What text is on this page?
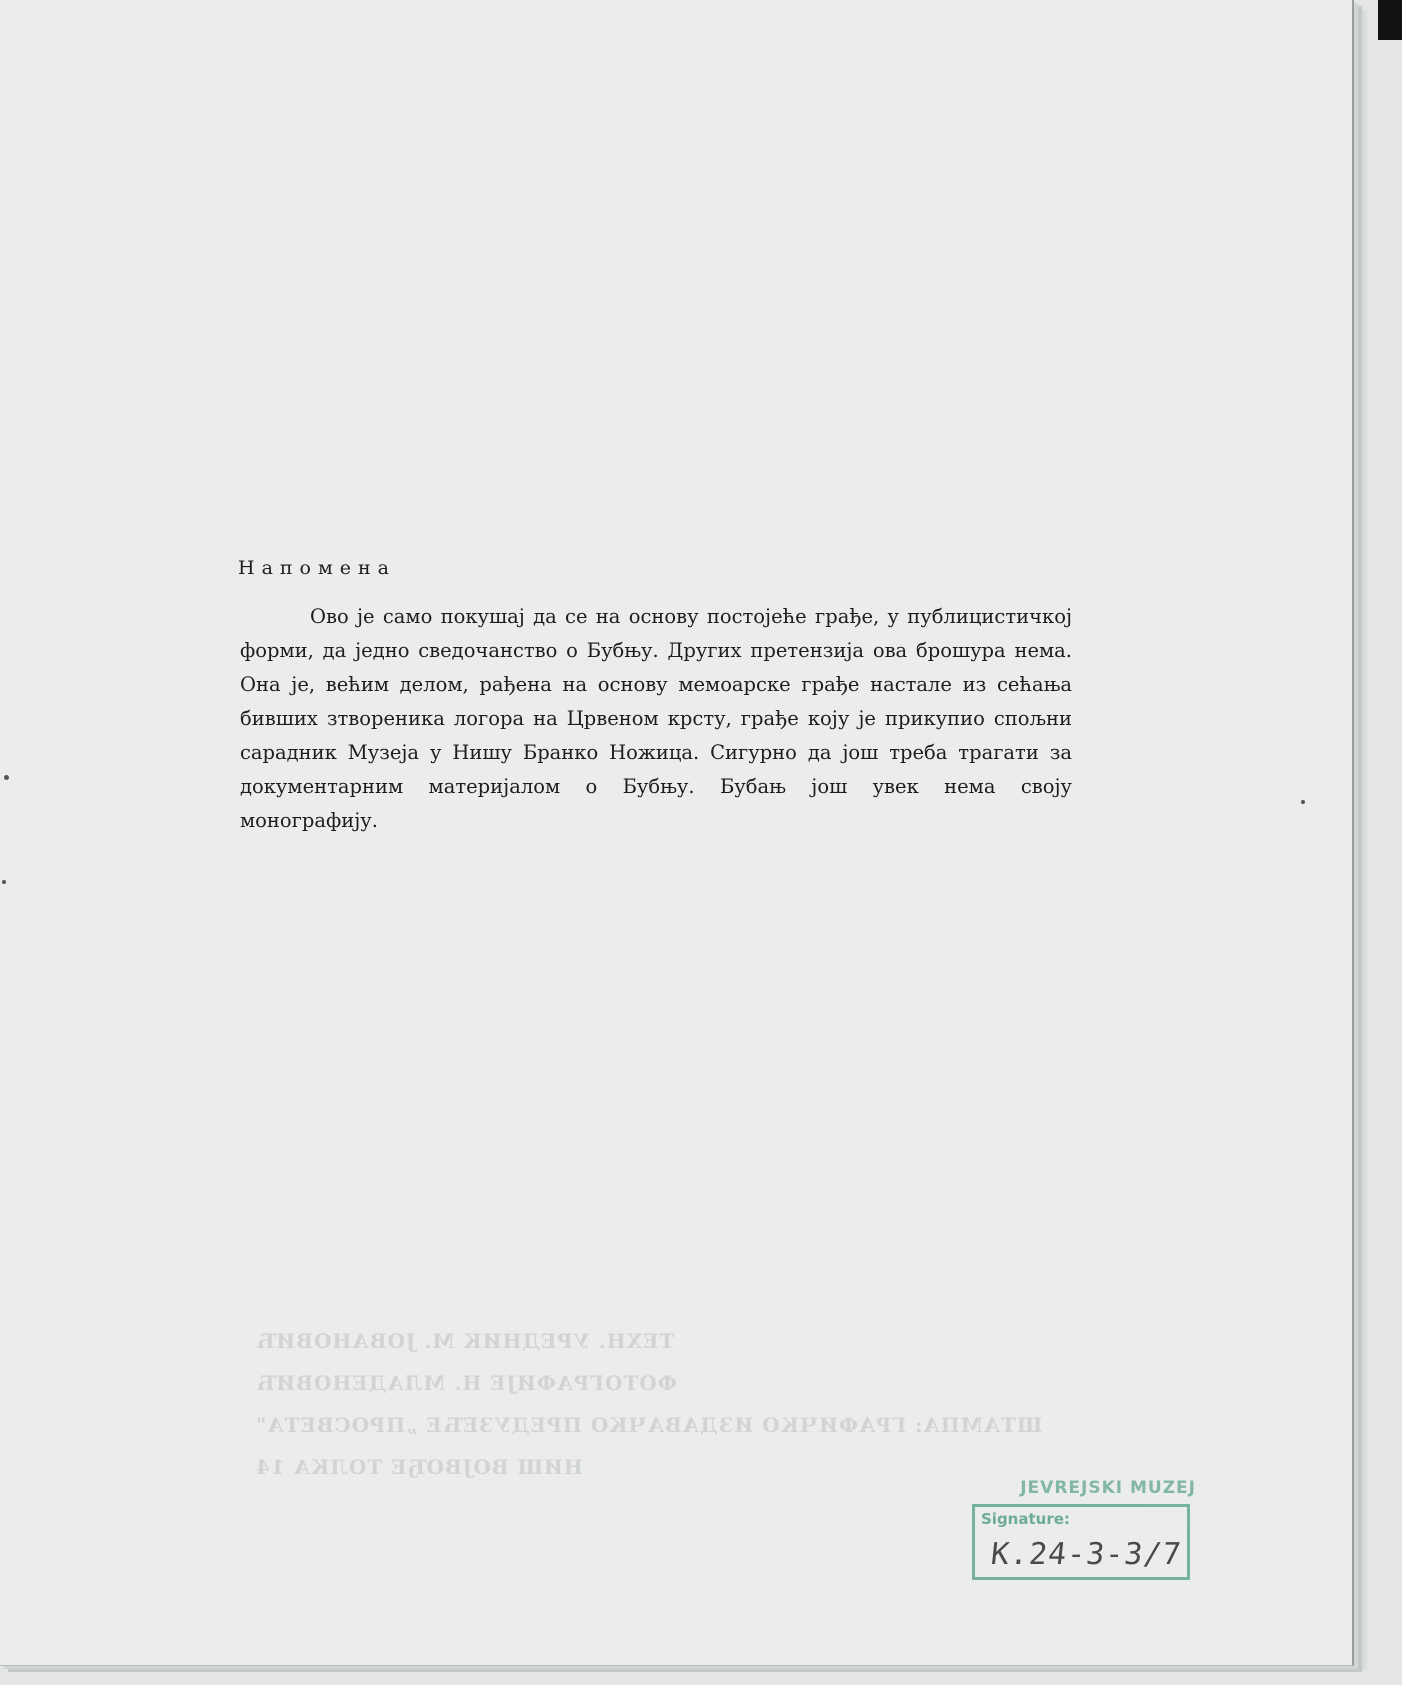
Напомена

Ово је само покушај да се на основу постојеће грађе, у публицистичкој форми, да једно сведочанство о Бубњу. Других претензија ова брошура нема. Она је, већим делом, рађена на основу мемоарске грађе настале из сећања бивших зтвореника логора на Црвеном крсту, грађе коју је прикупио спољни сарадник Музеја у Нишу Бранко Ножица. Сигурно да још треба трагати за документарним материјалом о Бубњу. Бубањ још увек нема своју монографију.

ТЕХН. УРЕДНИК М. ЈОВАНОВИЋ
ФОТОГРАФИЈЕ Н. МЛАДЕНОВИЋ
ШТАМПА: ГРАФИЧКО ИЗДАВАЧКО ПРЕДУЗЕЋЕ „ПРОСВЕТА"
НИШ ВОЈВОЂЕ ТОЛКА 14
JEVREJSKI MUZEJ
Signature:
K.24-3-3/7
